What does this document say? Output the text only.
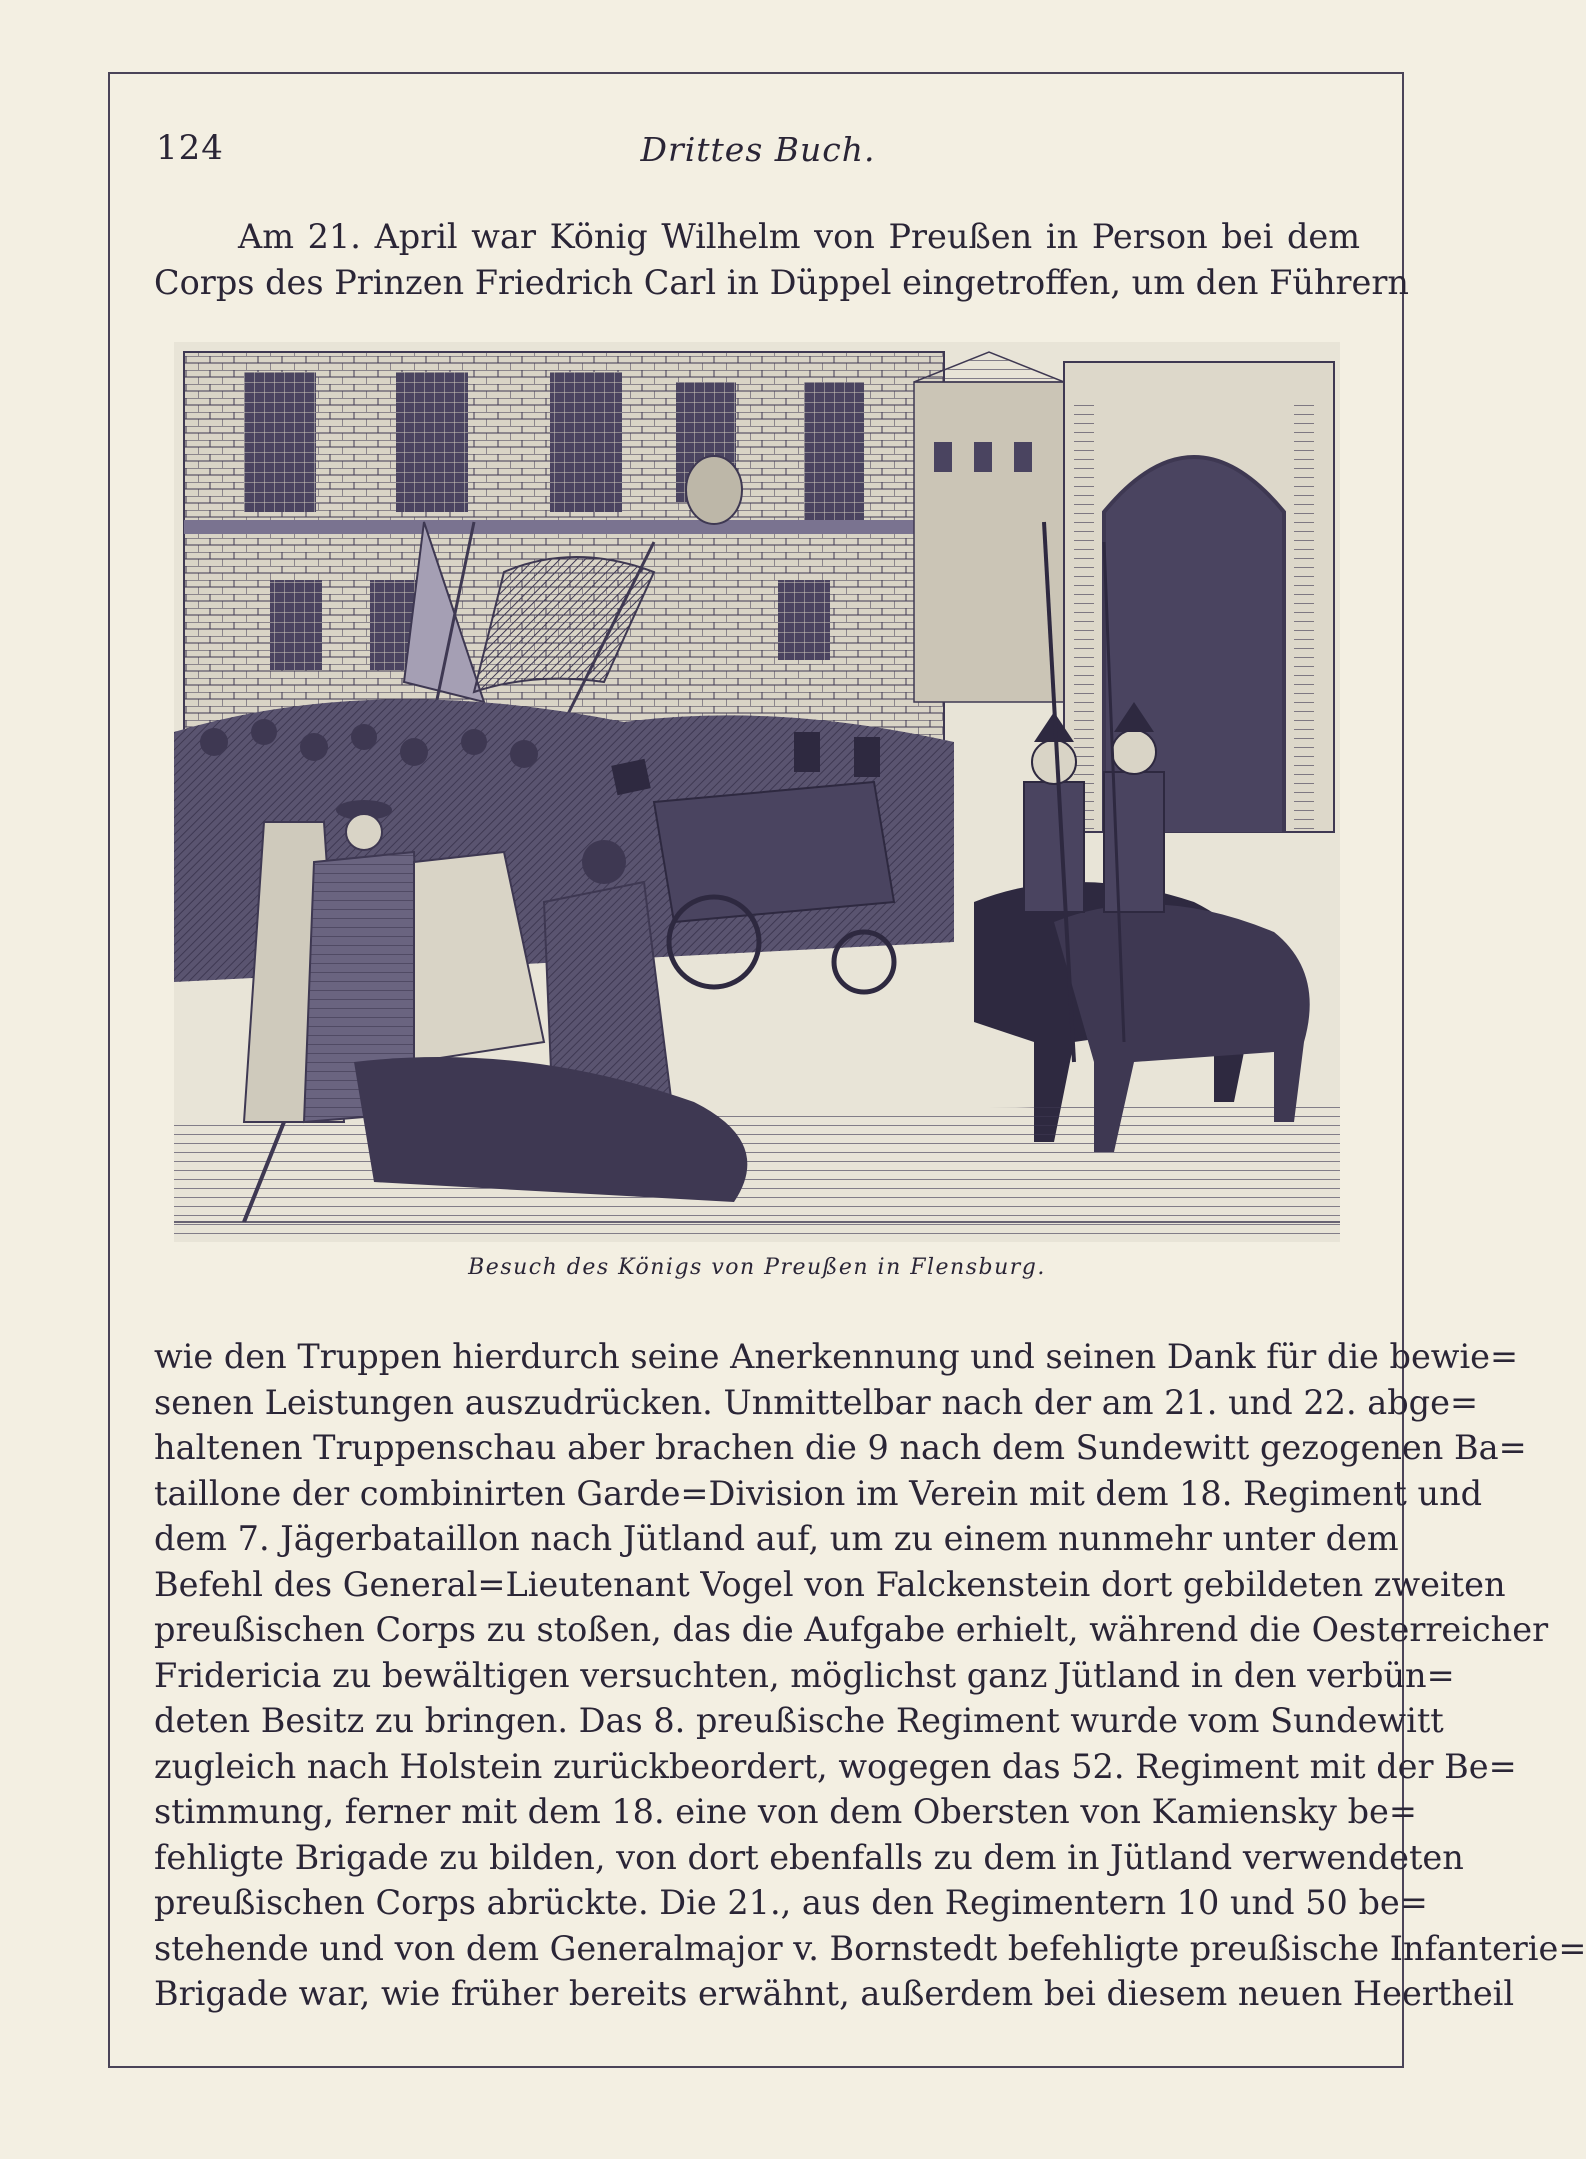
124	Drittes Buch.
Am 21. April war König Wilhelm von Preußen in Person bei dem
Corps des Prinzen Friedrich Carl in Düppel eingetroffen, um den Führern
Besuch des Königs von Preußen in Flensburg.
wie den Truppen hierdurch seine Anerkennung und seinen Dank für die bewie=
senen Leistungen auszudrücken. Unmittelbar nach der am 21. und 22. abge=
haltenen Truppenschau aber brachen die 9 nach dem Sundewitt gezogenen Ba=
taillone der combinirten Garde=Division im Verein mit dem 18. Regiment und
dem 7. Jägerbataillon nach Jütland auf, um zu einem nunmehr unter dem
Befehl des General=Lieutenant Vogel von Falckenstein dort gebildeten zweiten
preußischen Corps zu stoßen, das die Aufgabe erhielt, während die Oesterreicher
Fridericia zu bewältigen versuchten, möglichst ganz Jütland in den verbün=
deten Besitz zu bringen. Das 8. preußische Regiment wurde vom Sundewitt
zugleich nach Holstein zurückbeordert, wogegen das 52. Regiment mit der Be=
stimmung, ferner mit dem 18. eine von dem Obersten von Kamiensky be=
fehligte Brigade zu bilden, von dort ebenfalls zu dem in Jütland verwendeten
preußischen Corps abrückte. Die 21., aus den Regimentern 10 und 50 be=
stehende und von dem Generalmajor v. Bornstedt befehligte preußische Infanterie=
Brigade war, wie früher bereits erwähnt, außerdem bei diesem neuen Heertheil
